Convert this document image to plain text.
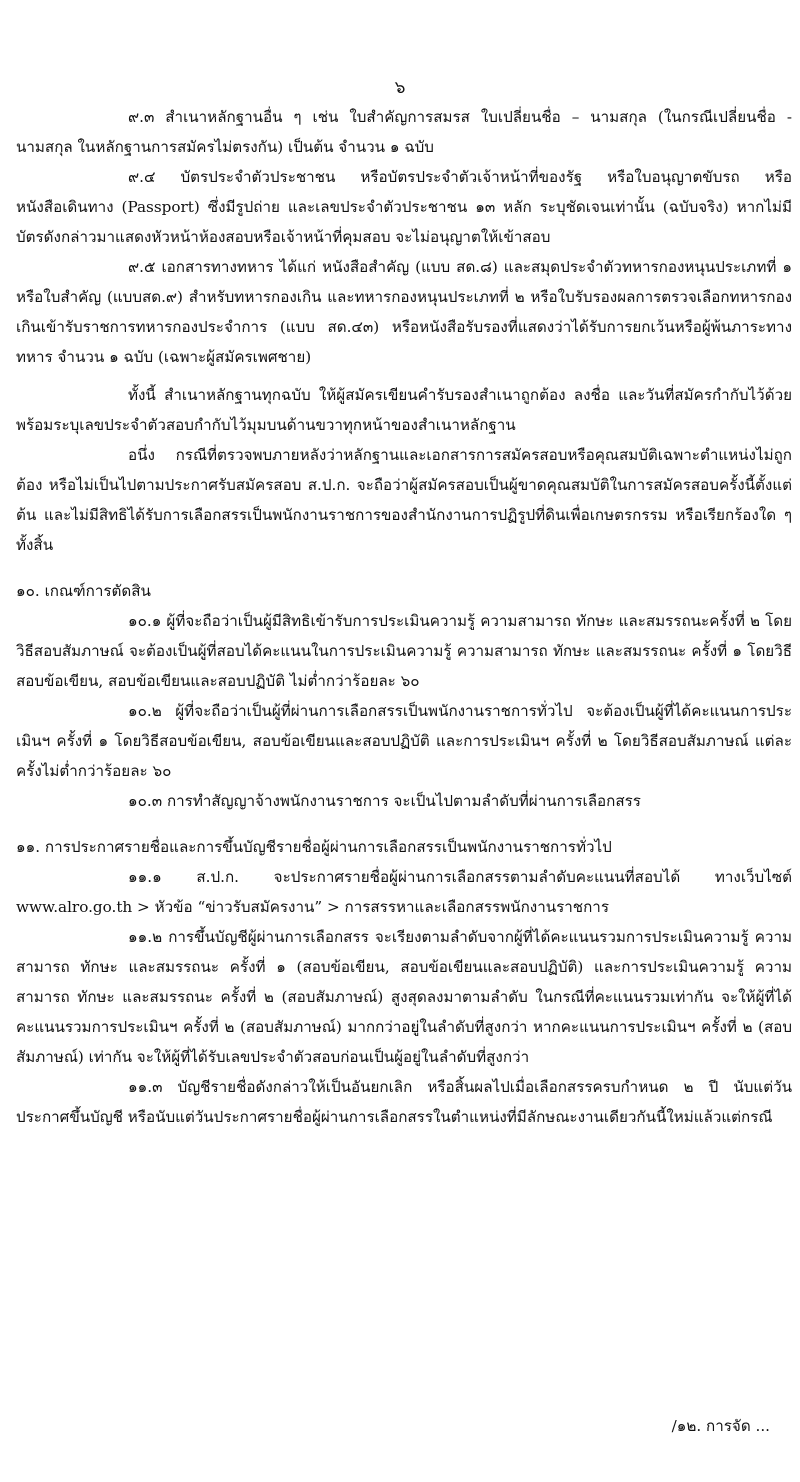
๖

๙.๓ สำเนาหลักฐานอื่น ๆ เช่น ใบสำคัญการสมรส ใบเปลี่ยนชื่อ – นามสกุล (ในกรณีเปลี่ยนชื่อ - นามสกุล ในหลักฐานการสมัครไม่ตรงกัน) เป็นต้น จำนวน ๑ ฉบับ

๙.๔ บัตรประจำตัวประชาชน หรือบัตรประจำตัวเจ้าหน้าที่ของรัฐ หรือใบอนุญาตขับรถ หรือหนังสือเดินทาง (Passport) ซึ่งมีรูปถ่าย และเลขประจำตัวประชาชน ๑๓ หลัก ระบุชัดเจนเท่านั้น (ฉบับจริง) หากไม่มีบัตรดังกล่าวมาแสดงหัวหน้าห้องสอบหรือเจ้าหน้าที่คุมสอบ จะไม่อนุญาตให้เข้าสอบ

๙.๕ เอกสารทางทหาร ได้แก่ หนังสือสำคัญ (แบบ สด.๘) และสมุดประจำตัวทหารกองหนุนประเภทที่ ๑ หรือใบสำคัญ (แบบสด.๙) สำหรับทหารกองเกิน และทหารกองหนุนประเภทที่ ๒ หรือใบรับรองผลการตรวจเลือกทหารกองเกินเข้ารับราชการทหารกองประจำการ (แบบ สด.๔๓) หรือหนังสือรับรองที่แสดงว่าได้รับการยกเว้นหรือผู้พ้นภาระทางทหาร จำนวน ๑ ฉบับ (เฉพาะผู้สมัครเพศชาย)

ทั้งนี้ สำเนาหลักฐานทุกฉบับ ให้ผู้สมัครเขียนคำรับรองสำเนาถูกต้อง ลงชื่อ และวันที่สมัครกำกับไว้ด้วย พร้อมระบุเลขประจำตัวสอบกำกับไว้มุมบนด้านขวาทุกหน้าของสำเนาหลักฐาน

อนึ่ง กรณีที่ตรวจพบภายหลังว่าหลักฐานและเอกสารการสมัครสอบหรือคุณสมบัติเฉพาะตำแหน่งไม่ถูกต้อง หรือไม่เป็นไปตามประกาศรับสมัครสอบ ส.ป.ก. จะถือว่าผู้สมัครสอบเป็นผู้ขาดคุณสมบัติในการสมัครสอบครั้งนี้ตั้งแต่ต้น และไม่มีสิทธิได้รับการเลือกสรรเป็นพนักงานราชการของสำนักงานการปฏิรูปที่ดินเพื่อเกษตรกรรม หรือเรียกร้องใด ๆ ทั้งสิ้น

๑๐. เกณฑ์การตัดสิน

๑๐.๑ ผู้ที่จะถือว่าเป็นผู้มีสิทธิเข้ารับการประเมินความรู้ ความสามารถ ทักษะ และสมรรถนะครั้งที่ ๒ โดยวิธีสอบสัมภาษณ์ จะต้องเป็นผู้ที่สอบได้คะแนนในการประเมินความรู้ ความสามารถ ทักษะ และสมรรถนะ ครั้งที่ ๑ โดยวิธีสอบข้อเขียน, สอบข้อเขียนและสอบปฏิบัติ ไม่ต่ำกว่าร้อยละ ๖๐

๑๐.๒ ผู้ที่จะถือว่าเป็นผู้ที่ผ่านการเลือกสรรเป็นพนักงานราชการทั่วไป จะต้องเป็นผู้ที่ได้คะแนนการประเมินฯ ครั้งที่ ๑ โดยวิธีสอบข้อเขียน, สอบข้อเขียนและสอบปฏิบัติ และการประเมินฯ ครั้งที่ ๒ โดยวิธีสอบสัมภาษณ์ แต่ละครั้งไม่ต่ำกว่าร้อยละ ๖๐

๑๐.๓ การทำสัญญาจ้างพนักงานราชการ จะเป็นไปตามลำดับที่ผ่านการเลือกสรร

๑๑. การประกาศรายชื่อและการขึ้นบัญชีรายชื่อผู้ผ่านการเลือกสรรเป็นพนักงานราชการทั่วไป

๑๑.๑ ส.ป.ก. จะประกาศรายชื่อผู้ผ่านการเลือกสรรตามลำดับคะแนนที่สอบได้ ทางเว็บไซต์ www.alro.go.th > หัวข้อ “ข่าวรับสมัครงาน” > การสรรหาและเลือกสรรพนักงานราชการ

๑๑.๒ การขึ้นบัญชีผู้ผ่านการเลือกสรร จะเรียงตามลำดับจากผู้ที่ได้คะแนนรวมการประเมินความรู้ ความสามารถ ทักษะ และสมรรถนะ ครั้งที่ ๑ (สอบข้อเขียน, สอบข้อเขียนและสอบปฏิบัติ) และการประเมินความรู้ ความสามารถ ทักษะ และสมรรถนะ ครั้งที่ ๒ (สอบสัมภาษณ์) สูงสุดลงมาตามลำดับ ในกรณีที่คะแนนรวมเท่ากัน จะให้ผู้ที่ได้คะแนนรวมการประเมินฯ ครั้งที่ ๒ (สอบสัมภาษณ์) มากกว่าอยู่ในลำดับที่สูงกว่า หากคะแนนการประเมินฯ ครั้งที่ ๒ (สอบสัมภาษณ์) เท่ากัน จะให้ผู้ที่ได้รับเลขประจำตัวสอบก่อนเป็นผู้อยู่ในลำดับที่สูงกว่า

๑๑.๓ บัญชีรายชื่อดังกล่าวให้เป็นอันยกเลิก หรือสิ้นผลไปเมื่อเลือกสรรครบกำหนด ๒ ปี นับแต่วันประกาศขึ้นบัญชี หรือนับแต่วันประกาศรายชื่อผู้ผ่านการเลือกสรรในตำแหน่งที่มีลักษณะงานเดียวกันนี้ใหม่แล้วแต่กรณี

/๑๒. การจัด ...
